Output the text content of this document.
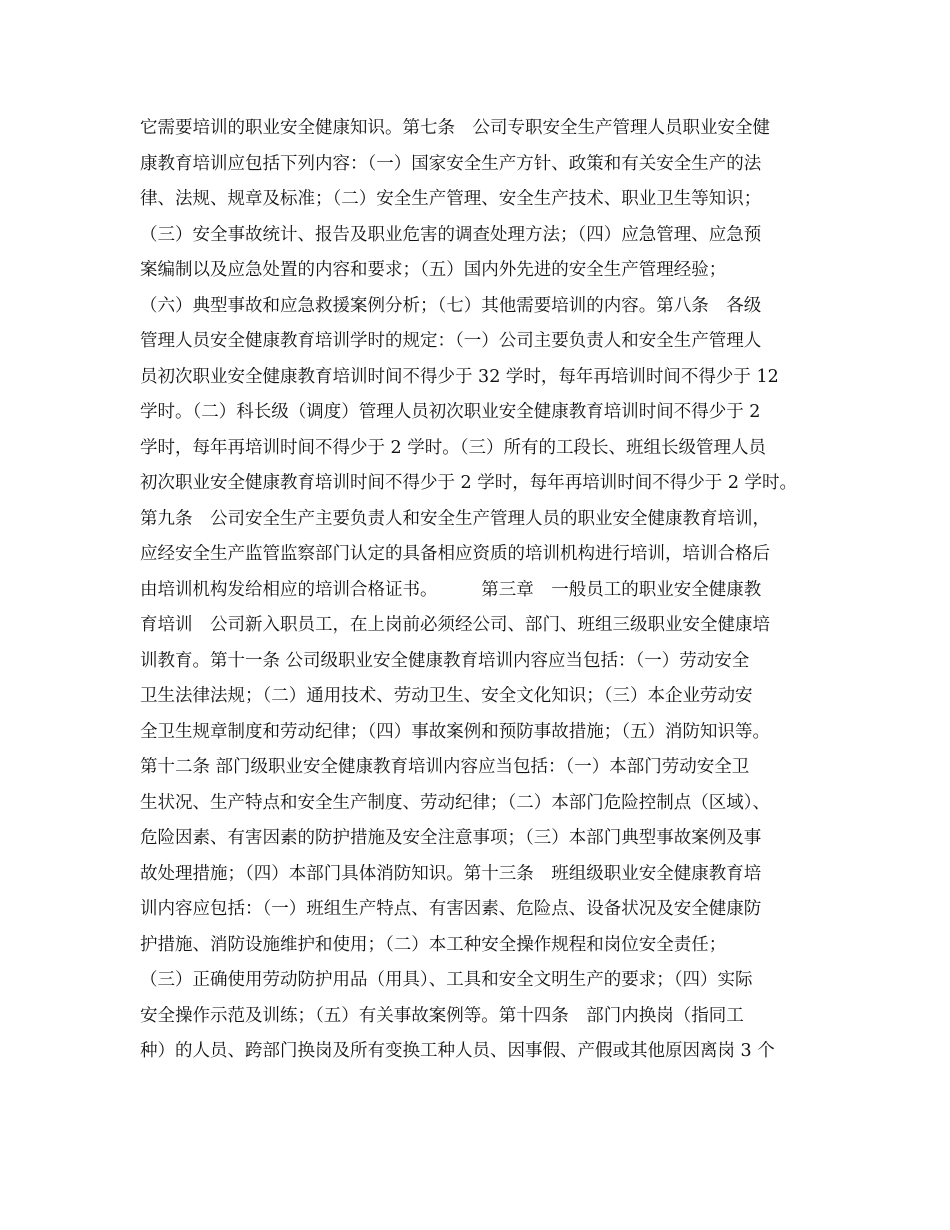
它需要培训的职业安全健康知识。第七条　公司专职安全生产管理人员职业安全健
康教育培训应包括下列内容：（一）国家安全生产方针、政策和有关安全生产的法
律、法规、规章及标准；（二）安全生产管理、安全生产技术、职业卫生等知识；
（三）安全事故统计、报告及职业危害的调查处理方法；（四）应急管理、应急预
案编制以及应急处置的内容和要求；（五）国内外先进的安全生产管理经验；
（六）典型事故和应急救援案例分析；（七）其他需要培训的内容。第八条　各级
管理人员安全健康教育培训学时的规定：（一）公司主要负责人和安全生产管理人
员初次职业安全健康教育培训时间不得少于 32 学时，每年再培训时间不得少于 12
学时。（二）科长级（调度）管理人员初次职业安全健康教育培训时间不得少于 2
学时，每年再培训时间不得少于 2 学时。（三）所有的工段长、班组长级管理人员
初次职业安全健康教育培训时间不得少于 2 学时，每年再培训时间不得少于 2 学时。
第九条　公司安全生产主要负责人和安全生产管理人员的职业安全健康教育培训，
应经安全生产监管监察部门认定的具备相应资质的培训机构进行培训，培训合格后
由培训机构发给相应的培训合格证书。　　　第三章　一般员工的职业安全健康教
育培训　公司新入职员工，在上岗前必须经公司、部门、班组三级职业安全健康培
训教育。第十一条 公司级职业安全健康教育培训内容应当包括：（一）劳动安全
卫生法律法规；（二）通用技术、劳动卫生、安全文化知识；（三）本企业劳动安
全卫生规章制度和劳动纪律；（四）事故案例和预防事故措施；（五）消防知识等。
第十二条 部门级职业安全健康教育培训内容应当包括：（一）本部门劳动安全卫
生状况、生产特点和安全生产制度、劳动纪律；（二）本部门危险控制点（区域）、
危险因素、有害因素的防护措施及安全注意事项；（三）本部门典型事故案例及事
故处理措施；（四）本部门具体消防知识。第十三条　班组级职业安全健康教育培
训内容应包括：（一）班组生产特点、有害因素、危险点、设备状况及安全健康防
护措施、消防设施维护和使用；（二）本工种安全操作规程和岗位安全责任；
（三）正确使用劳动防护用品（用具）、工具和安全文明生产的要求；（四）实际
安全操作示范及训练；（五）有关事故案例等。第十四条　部门内换岗（指同工
种）的人员、跨部门换岗及所有变换工种人员、因事假、产假或其他原因离岗 3 个
